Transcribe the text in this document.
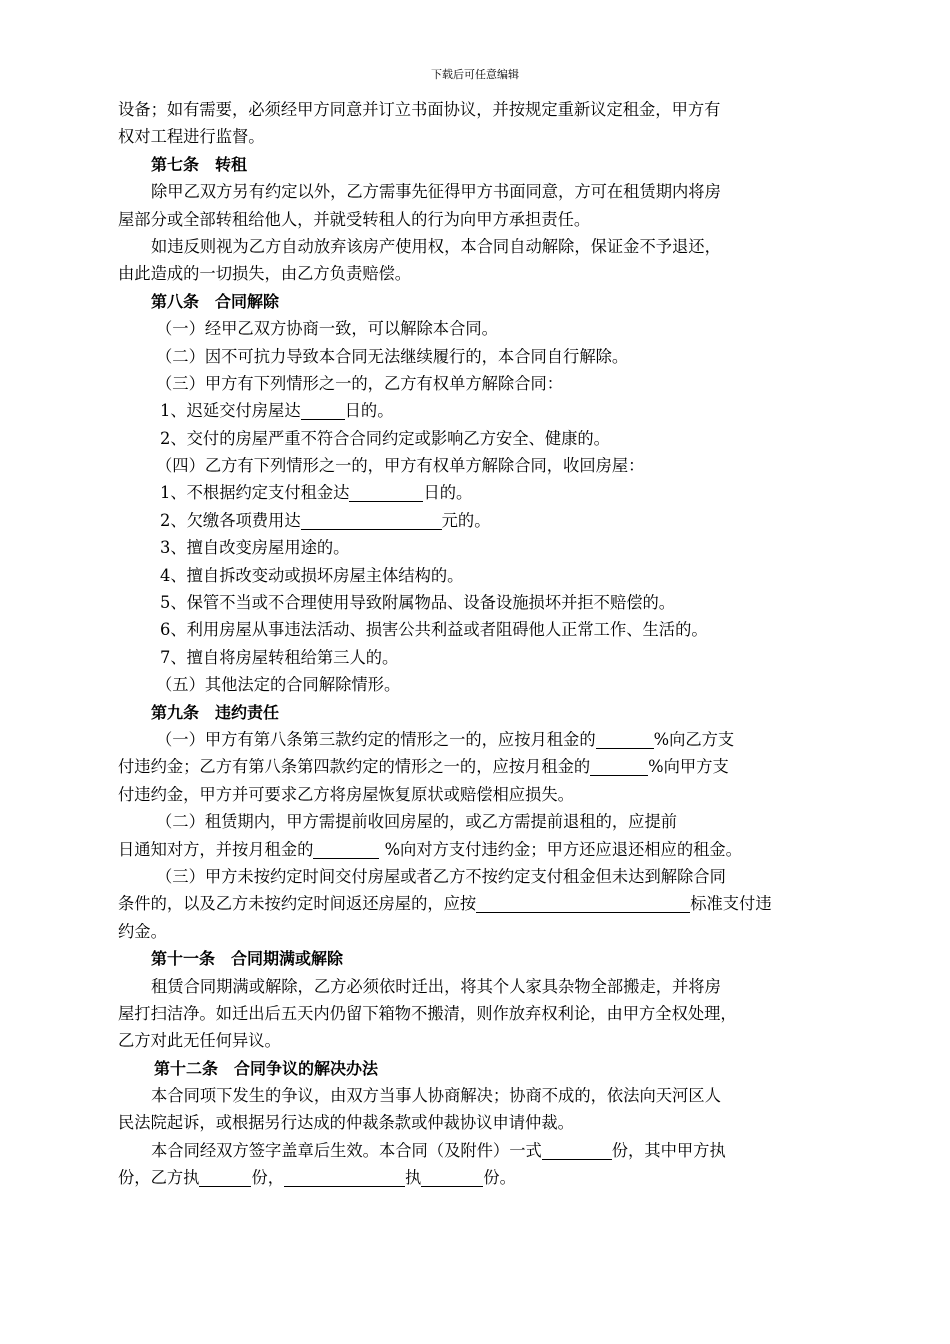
下载后可任意编辑
设备；如有需要，必须经甲方同意并订立书面协议，并按规定重新议定租金，甲方有
权对工程进行监督。
第七条　转租
除甲乙双方另有约定以外，乙方需事先征得甲方书面同意，方可在租赁期内将房
屋部分或全部转租给他人，并就受转租人的行为向甲方承担责任。
如违反则视为乙方自动放弃该房产使用权，本合同自动解除，保证金不予退还，
由此造成的一切损失，由乙方负责赔偿。
第八条　合同解除
（一）经甲乙双方协商一致，可以解除本合同。
（二）因不可抗力导致本合同无法继续履行的，本合同自行解除。
（三）甲方有下列情形之一的，乙方有权单方解除合同：
1、迟延交付房屋达	日的。
2、交付的房屋严重不符合合同约定或影响乙方安全、健康的。
（四）乙方有下列情形之一的，甲方有权单方解除合同，收回房屋：
1、不根据约定支付租金达	日的。
2、欠缴各项费用达	元的。
3、擅自改变房屋用途的。
4、擅自拆改变动或损坏房屋主体结构的。
5、保管不当或不合理使用导致附属物品、设备设施损坏并拒不赔偿的。
6、利用房屋从事违法活动、损害公共利益或者阻碍他人正常工作、生活的。
7、擅自将房屋转租给第三人的。
（五）其他法定的合同解除情形。
第九条　违约责任
（一）甲方有第八条第三款约定的情形之一的，应按月租金的	%向乙方支
付违约金；乙方有第八条第四款约定的情形之一的，应按月租金的	%向甲方支
付违约金，甲方并可要求乙方将房屋恢复原状或赔偿相应损失。
（二）租赁期内，甲方需提前收回房屋的，或乙方需提前退租的，应提前
日通知对方，并按月租金的	%向对方支付违约金；甲方还应退还相应的租金。
（三）甲方未按约定时间交付房屋或者乙方不按约定支付租金但未达到解除合同
条件的，以及乙方未按约定时间返还房屋的，应按	标准支付违
约金。
第十一条　合同期满或解除
租赁合同期满或解除，乙方必须依时迁出，将其个人家具杂物全部搬走，并将房
屋打扫洁净。如迁出后五天内仍留下箱物不搬清，则作放弃权利论，由甲方全权处理，
乙方对此无任何异议。
第十二条　合同争议的解决办法
本合同项下发生的争议，由双方当事人协商解决；协商不成的，依法向天河区人
民法院起诉，或根据另行达成的仲裁条款或仲裁协议申请仲裁。
本合同经双方签字盖章后生效。本合同（及附件）一式	份，其中甲方执
份，乙方执	份，	执	份。
